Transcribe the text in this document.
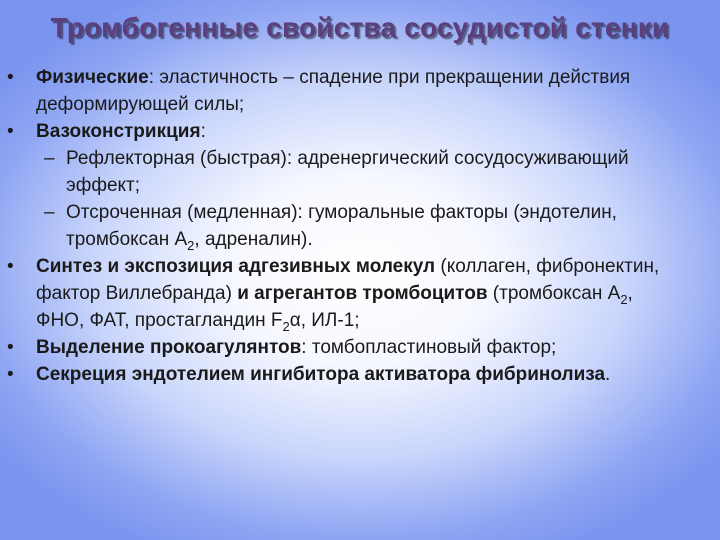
Тромбогенные свойства сосудистой стенки
• Физические: эластичность – спадение при прекращении действия деформирующей силы;
• Вазоконстрикция:
– Рефлекторная (быстрая): адренергический сосудосуживающий эффект;
– Отсроченная (медленная): гуморальные факторы (эндотелин, тромбоксан $А_2$, адреналин).
• Синтез и экспозиция адгезивных молекул (коллаген, фибронектин, фактор Виллебранда) и агрегантов тромбоцитов (тромбоксан $А_2$, ФНО, ФАТ, простагландин $F_2\alpha$, ИЛ-1;
• Выделение прокоагулянтов: томбопластиновый фактор;
• Секреция эндотелием ингибитора активатора фибринолиза.
